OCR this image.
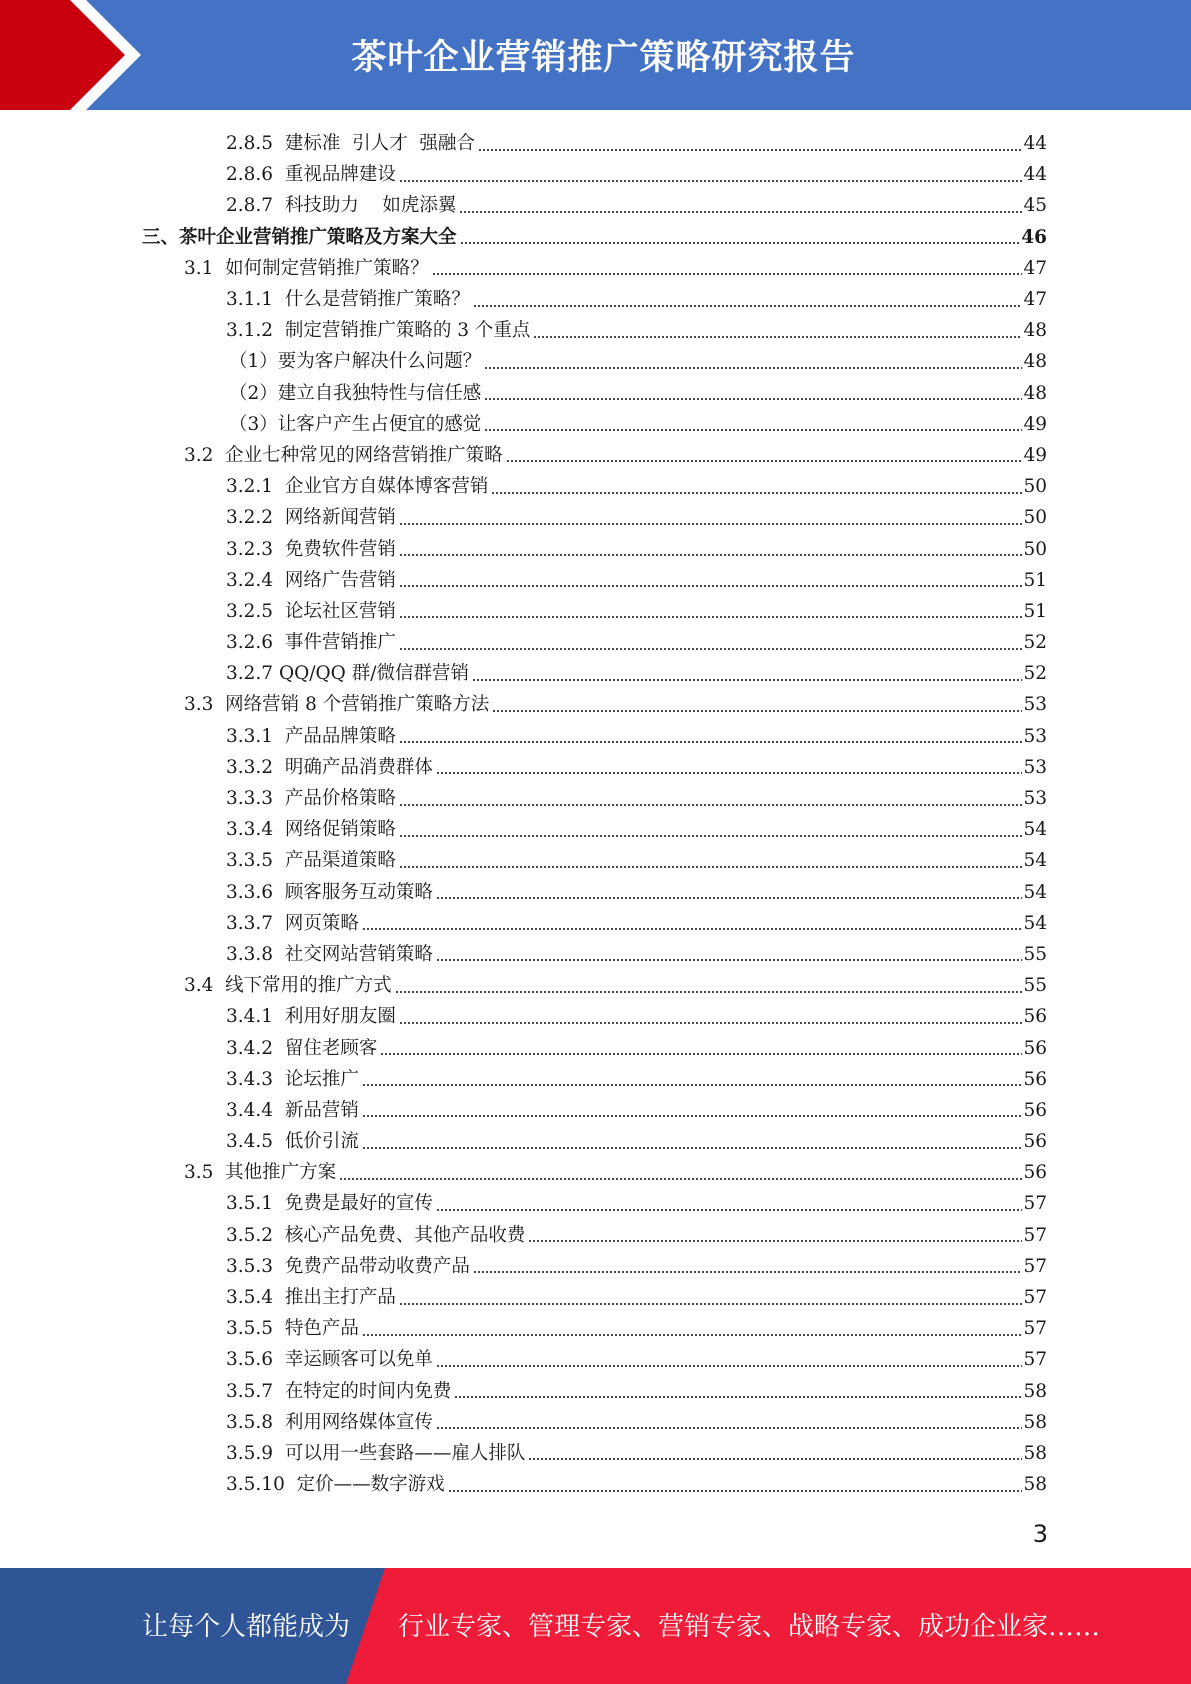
茶叶企业营销推广策略研究报告
2.8.5  建标准  引人才  强融合	44
2.8.6  重视品牌建设	44
2.8.7  科技助力    如虎添翼	45
三、茶叶企业营销推广策略及方案大全	46
3.1  如何制定营销推广策略？	47
3.1.1  什么是营销推广策略？	47
3.1.2  制定营销推广策略的 3 个重点	48
（1）要为客户解决什么问题？	48
（2）建立自我独特性与信任感	48
（3）让客户产生占便宜的感觉	49
3.2  企业七种常见的网络营销推广策略	49
3.2.1  企业官方自媒体博客营销	50
3.2.2  网络新闻营销	50
3.2.3  免费软件营销	50
3.2.4  网络广告营销	51
3.2.5  论坛社区营销	51
3.2.6  事件营销推广	52
3.2.7 QQ/QQ 群/微信群营销	52
3.3  网络营销 8 个营销推广策略方法	53
3.3.1  产品品牌策略	53
3.3.2  明确产品消费群体	53
3.3.3  产品价格策略	53
3.3.4  网络促销策略	54
3.3.5  产品渠道策略	54
3.3.6  顾客服务互动策略	54
3.3.7  网页策略	54
3.3.8  社交网站营销策略	55
3.4  线下常用的推广方式	55
3.4.1  利用好朋友圈	56
3.4.2  留住老顾客	56
3.4.3  论坛推广	56
3.4.4  新品营销	56
3.4.5  低价引流	56
3.5  其他推广方案	56
3.5.1  免费是最好的宣传	57
3.5.2  核心产品免费、其他产品收费	57
3.5.3  免费产品带动收费产品	57
3.5.4  推出主打产品	57
3.5.5  特色产品	57
3.5.6  幸运顾客可以免单	57
3.5.7  在特定的时间内免费	58
3.5.8  利用网络媒体宣传	58
3.5.9  可以用一些套路——雇人排队	58
3.5.10  定价——数字游戏	58
3
让每个人都能成为 行业专家、管理专家、营销专家、战略专家、成功企业家……
